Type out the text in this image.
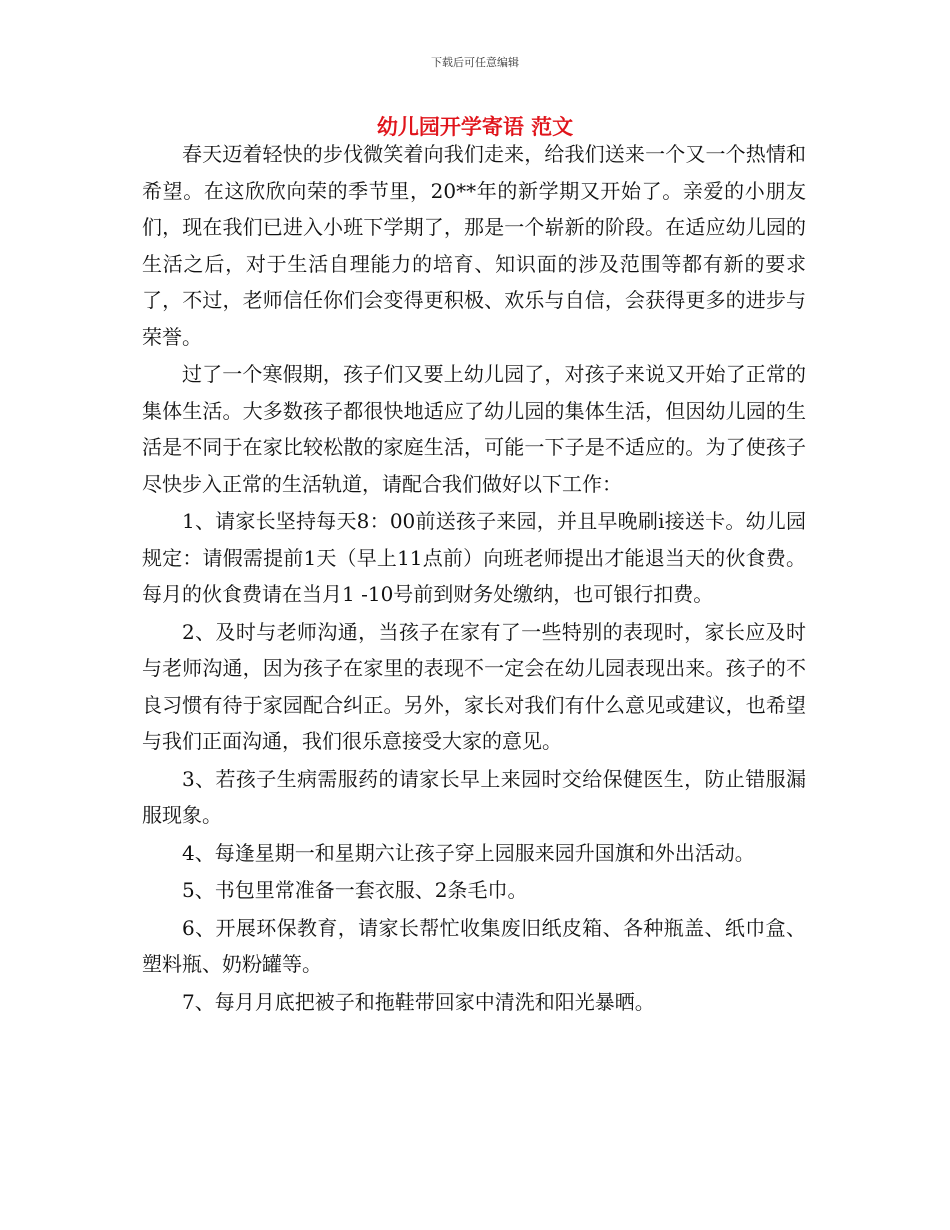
下载后可任意编辑
幼儿园开学寄语 范文

春天迈着轻快的步伐微笑着向我们走来，给我们送来一个又一个热情和希望。在这欣欣向荣的季节里，20**年的新学期又开始了。亲爱的小朋友们，现在我们已进入小班下学期了，那是一个崭新的阶段。在适应幼儿园的生活之后，对于生活自理能力的培育、知识面的涉及范围等都有新的要求了，不过，老师信任你们会变得更积极、欢乐与自信，会获得更多的进步与荣誉。

过了一个寒假期，孩子们又要上幼儿园了，对孩子来说又开始了正常的集体生活。大多数孩子都很快地适应了幼儿园的集体生活，但因幼儿园的生活是不同于在家比较松散的家庭生活，可能一下子是不适应的。为了使孩子尽快步入正常的生活轨道，请配合我们做好以下工作：

1、请家长坚持每天8：00前送孩子来园，并且早晚刷i接送卡。幼儿园规定：请假需提前1天（早上11点前）向班老师提出才能退当天的伙食费。每月的伙食费请在当月1 -10号前到财务处缴纳，也可银行扣费。

2、及时与老师沟通，当孩子在家有了一些特别的表现时，家长应及时与老师沟通，因为孩子在家里的表现不一定会在幼儿园表现出来。孩子的不良习惯有待于家园配合纠正。另外，家长对我们有什么意见或建议，也希望与我们正面沟通，我们很乐意接受大家的意见。

3、若孩子生病需服药的请家长早上来园时交给保健医生，防止错服漏服现象。

4、每逢星期一和星期六让孩子穿上园服来园升国旗和外出活动。

5、书包里常准备一套衣服、2条毛巾。

6、开展环保教育，请家长帮忙收集废旧纸皮箱、各种瓶盖、纸巾盒、塑料瓶、奶粉罐等。

7、每月月底把被子和拖鞋带回家中清洗和阳光暴晒。
